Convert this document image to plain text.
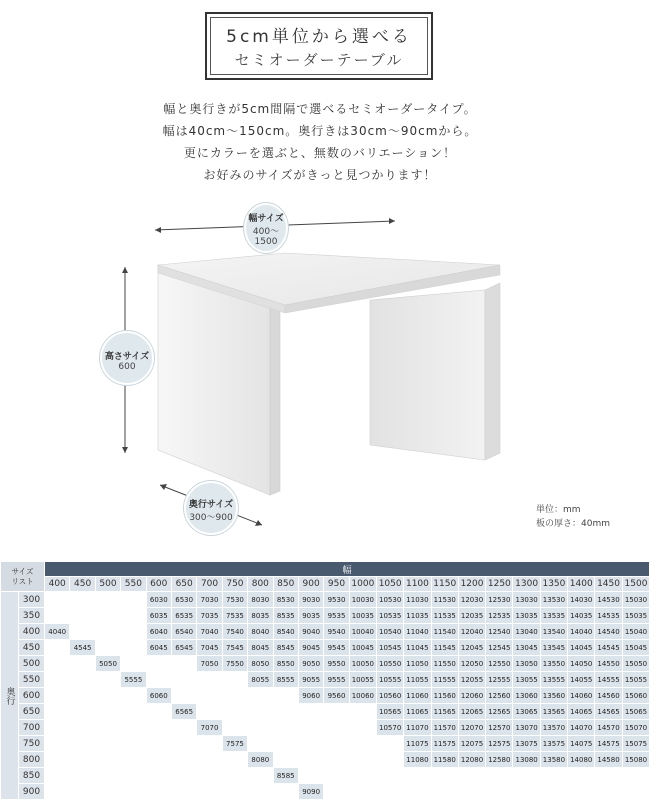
5cm単位から選べる
セミオーダーテーブル
幅と奥行きが5cm間隔で選べるセミオーダータイプ。
幅は40cm～150cm。奥行きは30cm～90cmから。
更にカラーを選ぶと、無数のバリエーション！
お好みのサイズがきっと見つかります！
幅サイズ
400～1500
高さサイズ
600
奥行サイズ
300～900
単位：mm
板の厚さ：40mm
サイズ
リスト		幅																						
		400	450	500	550	600	650	700	750	800	850	900	950	1000	1050	1100	1150	1200	1250	1300	1350	1400	1450	1500
奥行	300					6030	6530	7030	7530	8030	8530	9030	9530	10030	10530	11030	11530	12030	12530	13030	13530	14030	14530	15030
	350					6035	6535	7035	7535	8035	8535	9035	9535	10035	10535	11035	11535	12035	12535	13035	13535	14035	14535	15035
	400	4040				6040	6540	7040	7540	8040	8540	9040	9540	10040	10540	11040	11540	12040	12540	13040	13540	14040	14540	15040
	450		4545			6045	6545	7045	7545	8045	8545	9045	9545	10045	10545	11045	11545	12045	12545	13045	13545	14045	14545	15045
	500			5050				7050	7550	8050	8550	9050	9550	10050	10550	11050	11550	12050	12550	13050	13550	14050	14550	15050
	550				5555					8055	8555	9055	9555	10055	10555	11055	11555	12055	12555	13055	13555	14055	14555	15055
	600					6060						9060	9560	10060	10560	11060	11560	12060	12560	13060	13560	14060	14560	15060
	650						6565								10565	11065	11565	12065	12565	13065	13565	14065	14565	15065
	700							7070							10570	11070	11570	12070	12570	13070	13570	14070	14570	15070
	750								7575							11075	11575	12075	12575	13075	13575	14075	14575	15075
	800									8080						11080	11580	12080	12580	13080	13580	14080	14580	15080
	850										8585													
	900											9090												
